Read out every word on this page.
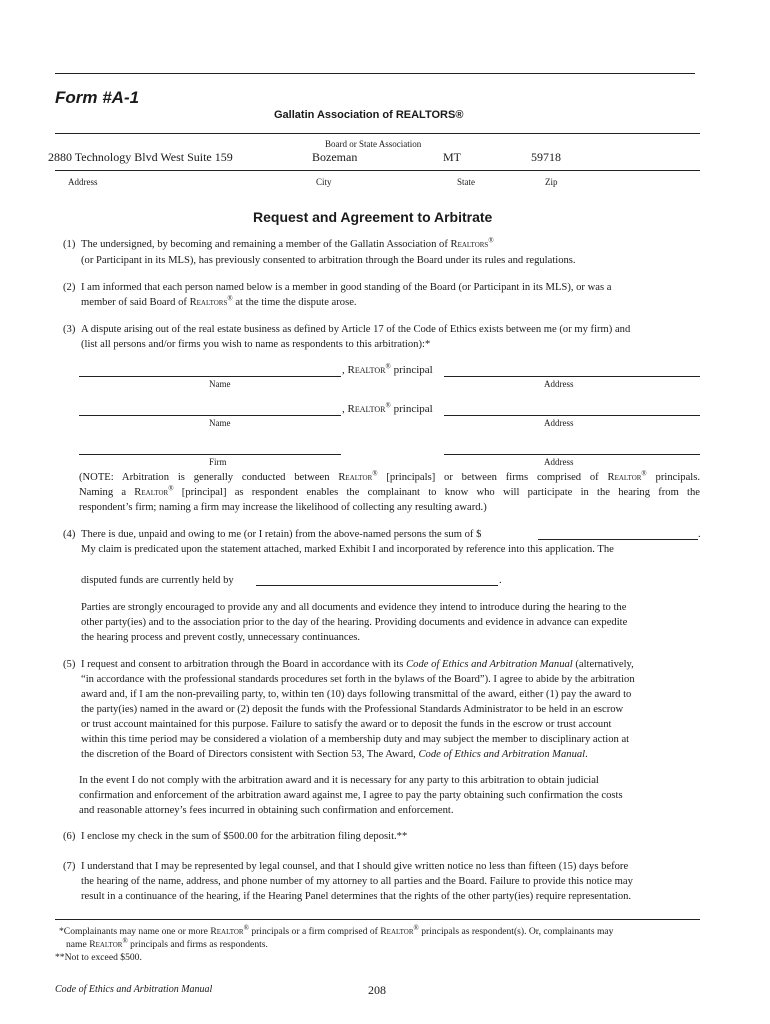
Form #A-1
Gallatin Association of REALTORS®
Board or State Association
2880 Technology Blvd West Suite 159	Bozeman	MT	59718
Address	City	State	Zip
Request and Agreement to Arbitrate
(1) The undersigned, by becoming and remaining a member of the Gallatin Association of Realtors®
(or Participant in its MLS), has previously consented to arbitration through the Board under its rules and regulations.
(2) I am informed that each person named below is a member in good standing of the Board (or Participant in its MLS), or was a
member of said Board of Realtors® at the time the dispute arose.
(3) A dispute arising out of the real estate business as defined by Article 17 of the Code of Ethics exists between me (or my firm) and
(list all persons and/or firms you wish to name as respondents to this arbitration):*
, Realtor® principal
Name	Address
, Realtor® principal
Name	Address
Firm	Address
(NOTE: Arbitration is generally conducted between Realtor® [principals] or between firms comprised of Realtor® principals.
Naming a Realtor® [principal] as respondent enables the complainant to know who will participate in the hearing from the
respondent’s firm; naming a firm may increase the likelihood of collecting any resulting award.)
(4) There is due, unpaid and owing to me (or I retain) from the above-named persons the sum of $	.
My claim is predicated upon the statement attached, marked Exhibit I and incorporated by reference into this application. The
disputed funds are currently held by	.
Parties are strongly encouraged to provide any and all documents and evidence they intend to introduce during the hearing to the
other party(ies) and to the association prior to the day of the hearing. Providing documents and evidence in advance can expedite
the hearing process and prevent costly, unnecessary continuances.
(5) I request and consent to arbitration through the Board in accordance with its Code of Ethics and Arbitration Manual (alternatively,
“in accordance with the professional standards procedures set forth in the bylaws of the Board”). I agree to abide by the arbitration
award and, if I am the non-prevailing party, to, within ten (10) days following transmittal of the award, either (1) pay the award to
the party(ies) named in the award or (2) deposit the funds with the Professional Standards Administrator to be held in an escrow
or trust account maintained for this purpose. Failure to satisfy the award or to deposit the funds in the escrow or trust account
within this time period may be considered a violation of a membership duty and may subject the member to disciplinary action at
the discretion of the Board of Directors consistent with Section 53, The Award, Code of Ethics and Arbitration Manual.
In the event I do not comply with the arbitration award and it is necessary for any party to this arbitration to obtain judicial
confirmation and enforcement of the arbitration award against me, I agree to pay the party obtaining such confirmation the costs
and reasonable attorney’s fees incurred in obtaining such confirmation and enforcement.
(6) I enclose my check in the sum of $500.00 for the arbitration filing deposit.**
(7) I understand that I may be represented by legal counsel, and that I should give written notice no less than fifteen (15) days before
the hearing of the name, address, and phone number of my attorney to all parties and the Board. Failure to provide this notice may
result in a continuance of the hearing, if the Hearing Panel determines that the rights of the other party(ies) require representation.
*Complainants may name one or more Realtor® principals or a firm comprised of Realtor® principals as respondent(s). Or, complainants may
name Realtor® principals and firms as respondents.
**Not to exceed $500.
Code of Ethics and Arbitration Manual	208
